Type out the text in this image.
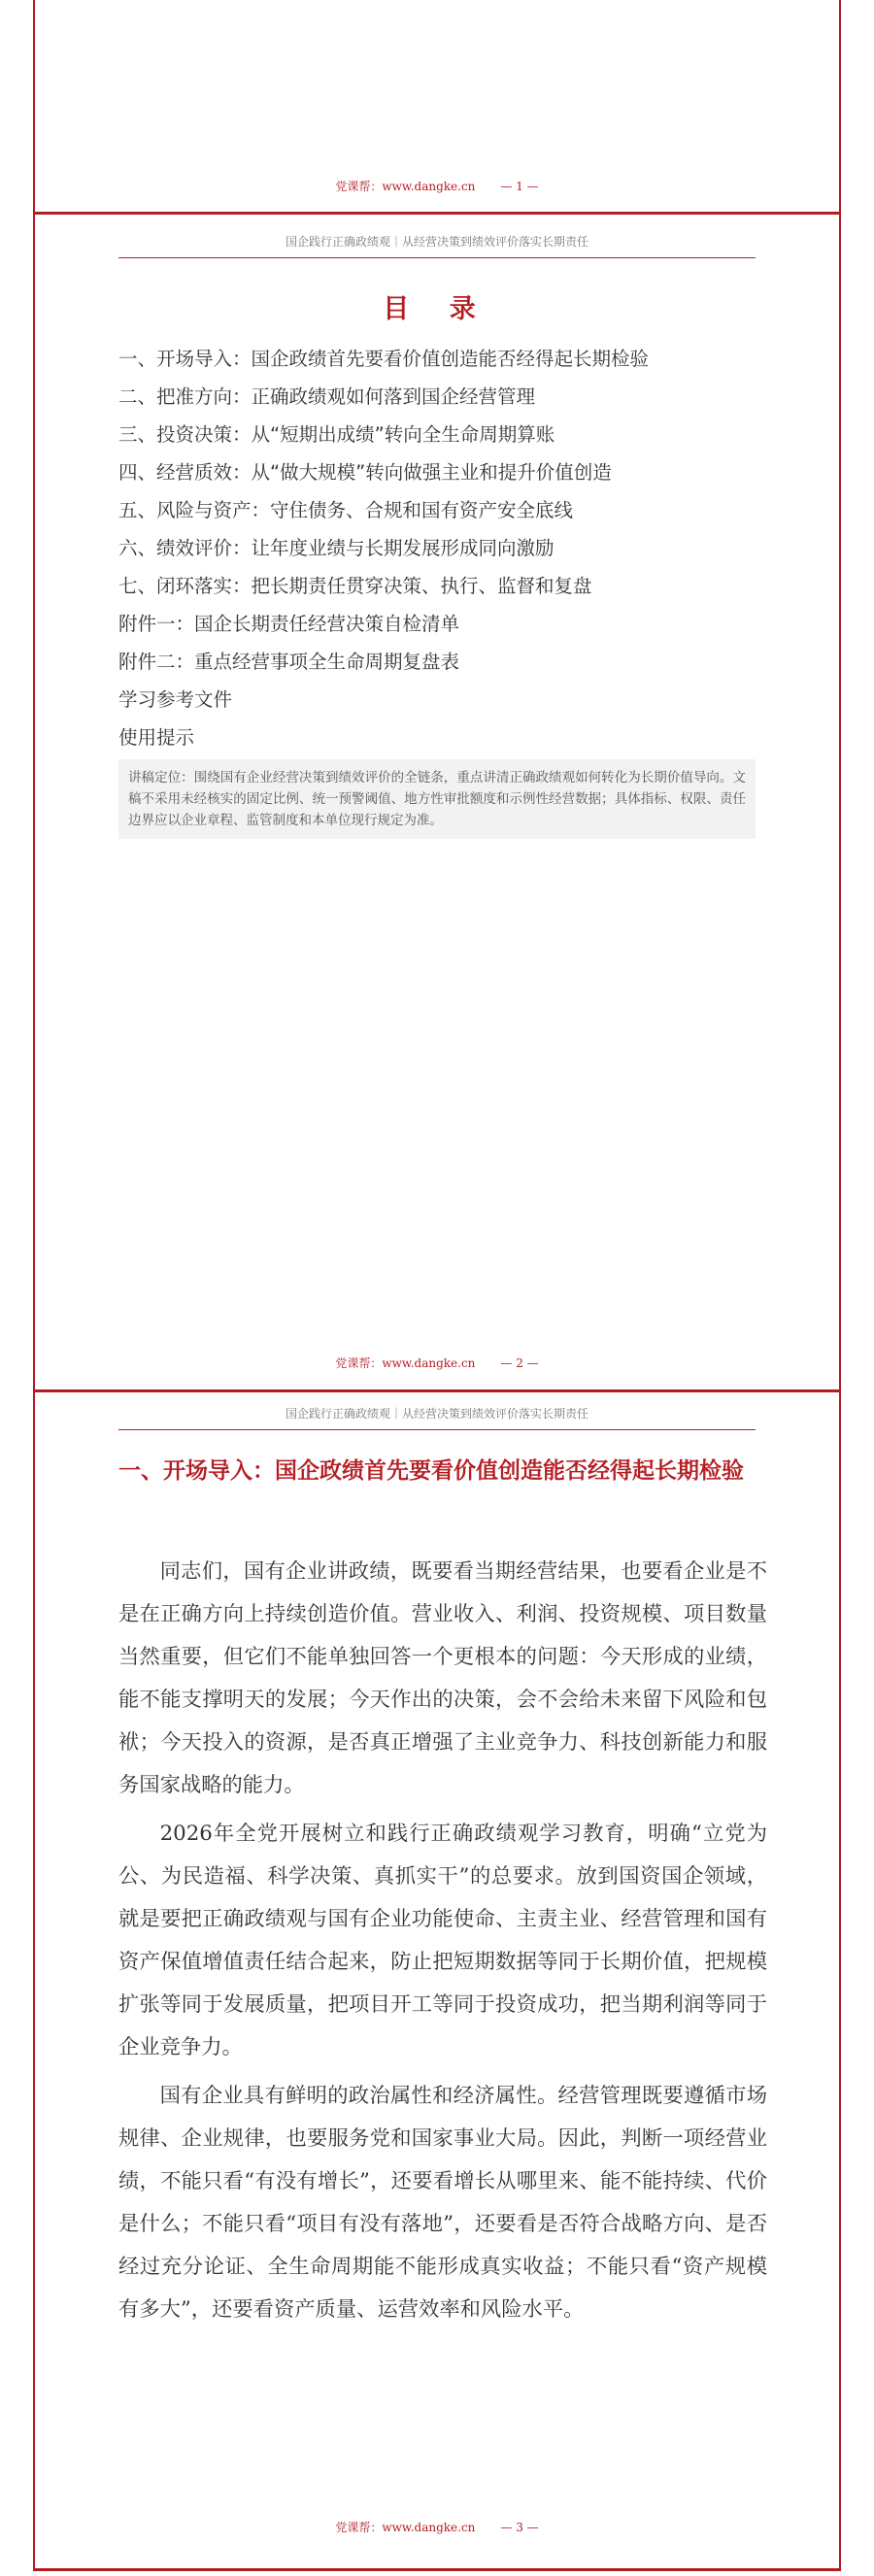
党课帮：www.dangke.cn — 1 —
国企践行正确政绩观｜从经营决策到绩效评价落实长期责任
目 录
一、开场导入：国企政绩首先要看价值创造能否经得起长期检验
二、把准方向：正确政绩观如何落到国企经营管理
三、投资决策：从“短期出成绩”转向全生命周期算账
四、经营质效：从“做大规模”转向做强主业和提升价值创造
五、风险与资产：守住债务、合规和国有资产安全底线
六、绩效评价：让年度业绩与长期发展形成同向激励
七、闭环落实：把长期责任贯穿决策、执行、监督和复盘
附件一：国企长期责任经营决策自检清单
附件二：重点经营事项全生命周期复盘表
学习参考文件
使用提示
讲稿定位：围绕国有企业经营决策到绩效评价的全链条，重点讲清正确政绩观如何转化为长期价值导向。文稿不采用未经核实的固定比例、统一预警阈值、地方性审批额度和示例性经营数据；具体指标、权限、责任边界应以企业章程、监管制度和本单位现行规定为准。
党课帮：www.dangke.cn — 2 —
国企践行正确政绩观｜从经营决策到绩效评价落实长期责任
一、开场导入：国企政绩首先要看价值创造能否经得起长期检验

同志们，国有企业讲政绩，既要看当期经营结果，也要看企业是不是在正确方向上持续创造价值。营业收入、利润、投资规模、项目数量当然重要，但它们不能单独回答一个更根本的问题：今天形成的业绩，能不能支撑明天的发展；今天作出的决策，会不会给未来留下风险和包袱；今天投入的资源，是否真正增强了主业竞争力、科技创新能力和服务国家战略的能力。

2026年全党开展树立和践行正确政绩观学习教育，明确“立党为公、为民造福、科学决策、真抓实干”的总要求。放到国资国企领域，就是要把正确政绩观与国有企业功能使命、主责主业、经营管理和国有资产保值增值责任结合起来，防止把短期数据等同于长期价值，把规模扩张等同于发展质量，把项目开工等同于投资成功，把当期利润等同于企业竞争力。

国有企业具有鲜明的政治属性和经济属性。经营管理既要遵循市场规律、企业规律，也要服务党和国家事业大局。因此，判断一项经营业绩，不能只看“有没有增长”，还要看增长从哪里来、能不能持续、代价是什么；不能只看“项目有没有落地”，还要看是否符合战略方向、是否经过充分论证、全生命周期能不能形成真实收益；不能只看“资产规模有多大”，还要看资产质量、运营效率和风险水平。

党课帮：www.dangke.cn — 3 —
